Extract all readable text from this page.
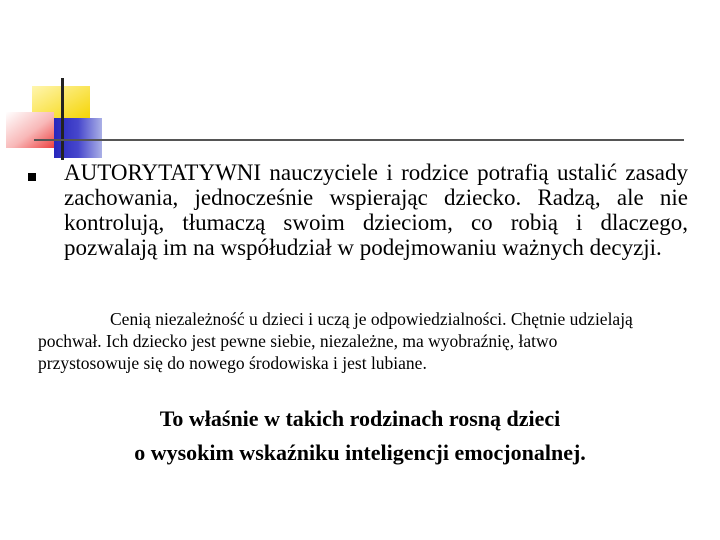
AUTORYTATYWNI nauczyciele i rodzice potrafią ustalić zasady zachowania, jednocześnie wspierając dziecko. Radzą, ale nie kontrolują, tłumaczą swoim dzieciom, co robią i dlaczego, pozwalają im na współudział w podejmowaniu ważnych decyzji.

Cenią niezależność u dzieci i uczą je odpowiedzialności. Chętnie udzielają pochwał. Ich dziecko jest pewne siebie, niezależne, ma wyobraźnię, łatwo przystosowuje się do nowego środowiska i jest lubiane.

To właśnie w takich rodzinach rosną dzieci
o wysokim wskaźniku inteligencji emocjonalnej.
